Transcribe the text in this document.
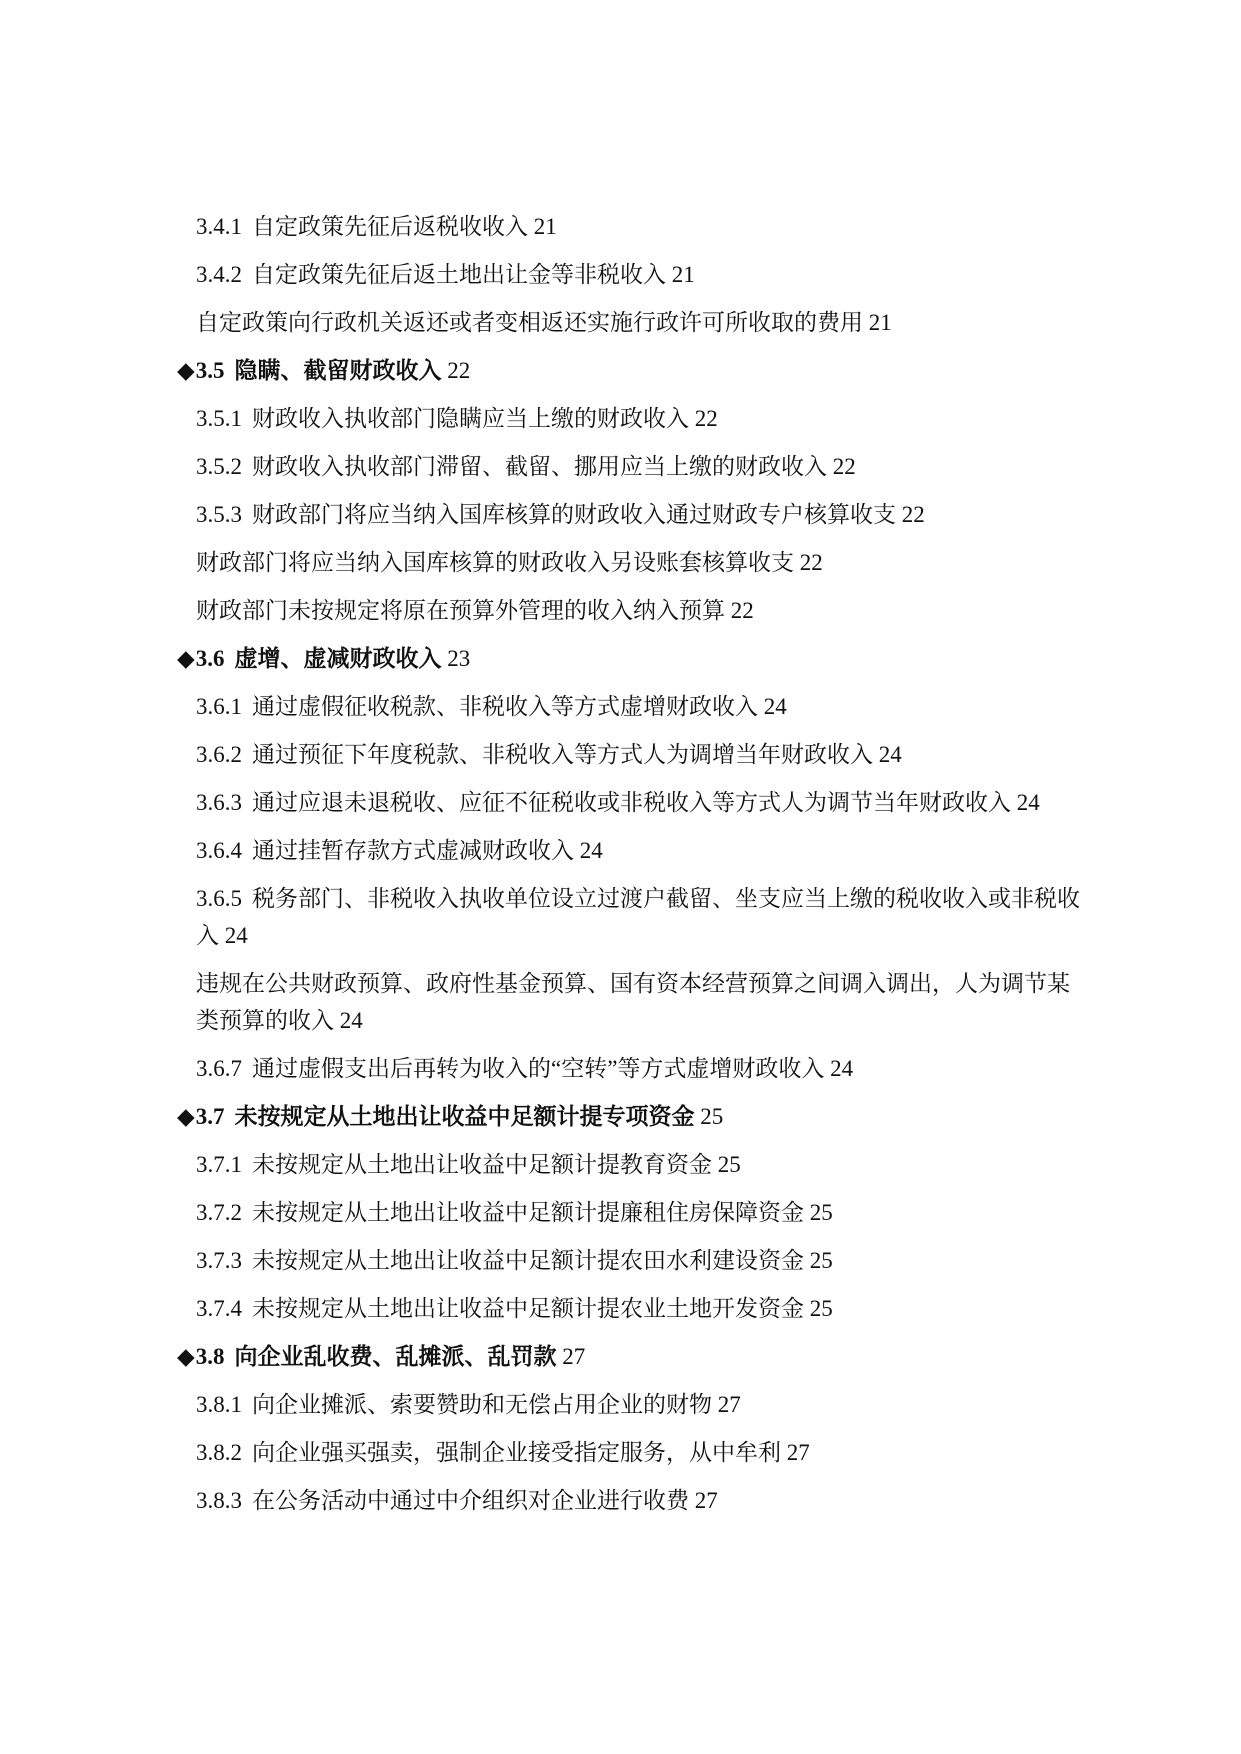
3.4.1 自定政策先征后返税收收入 21
3.4.2 自定政策先征后返土地出让金等非税收入 21
自定政策向行政机关返还或者变相返还实施行政许可所收取的费用 21
◆3.5 隐瞒、截留财政收入 22
3.5.1 财政收入执收部门隐瞒应当上缴的财政收入 22
3.5.2 财政收入执收部门滞留、截留、挪用应当上缴的财政收入 22
3.5.3 财政部门将应当纳入国库核算的财政收入通过财政专户核算收支 22
财政部门将应当纳入国库核算的财政收入另设账套核算收支 22
财政部门未按规定将原在预算外管理的收入纳入预算 22
◆3.6 虚增、虚减财政收入 23
3.6.1 通过虚假征收税款、非税收入等方式虚增财政收入 24
3.6.2 通过预征下年度税款、非税收入等方式人为调增当年财政收入 24
3.6.3 通过应退未退税收、应征不征税收或非税收入等方式人为调节当年财政收入 24
3.6.4 通过挂暂存款方式虚减财政收入 24
3.6.5 税务部门、非税收入执收单位设立过渡户截留、坐支应当上缴的税收收入或非税收入 24
违规在公共财政预算、政府性基金预算、国有资本经营预算之间调入调出，人为调节某类预算的收入 24
3.6.7 通过虚假支出后再转为收入的“空转”等方式虚增财政收入 24
◆3.7 未按规定从土地出让收益中足额计提专项资金 25
3.7.1 未按规定从土地出让收益中足额计提教育资金 25
3.7.2 未按规定从土地出让收益中足额计提廉租住房保障资金 25
3.7.3 未按规定从土地出让收益中足额计提农田水利建设资金 25
3.7.4 未按规定从土地出让收益中足额计提农业土地开发资金 25
◆3.8 向企业乱收费、乱摊派、乱罚款 27
3.8.1 向企业摊派、索要赞助和无偿占用企业的财物 27
3.8.2 向企业强买强卖，强制企业接受指定服务，从中牟利 27
3.8.3 在公务活动中通过中介组织对企业进行收费 27
